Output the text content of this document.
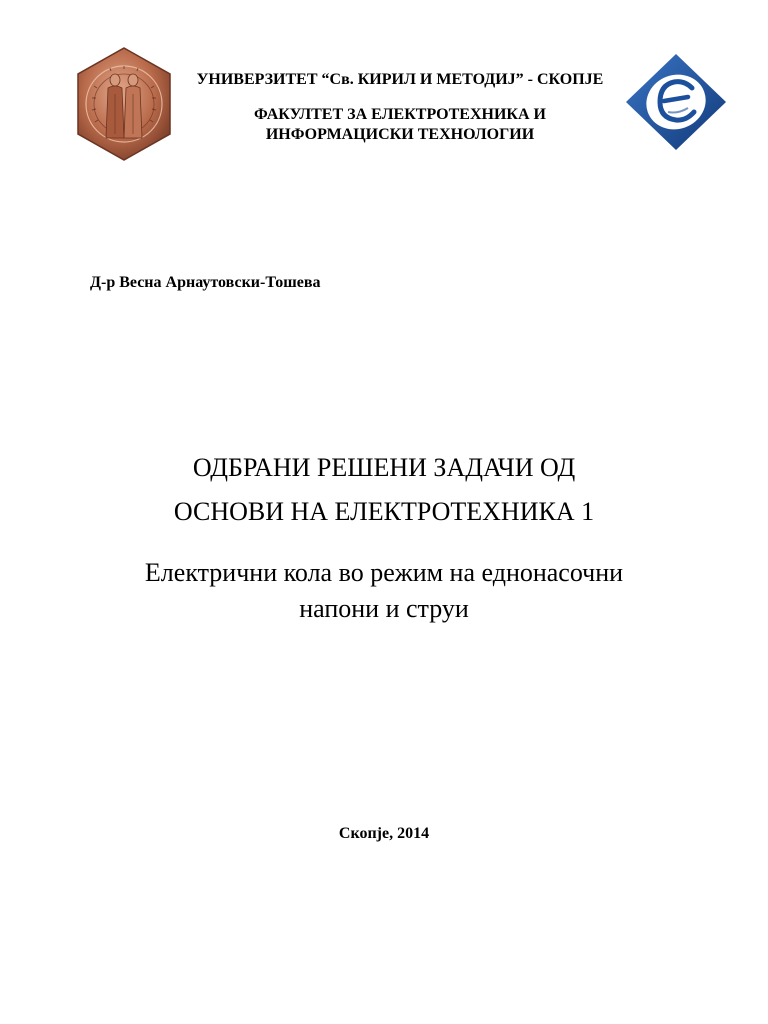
УНИВЕРЗИТЕТ “Св. КИРИЛ И МЕТОДИЈ” - СКОПЈЕ
ФАКУЛТЕТ ЗА ЕЛЕКТРОТЕХНИКА И
ИНФОРМАЦИСКИ ТЕХНОЛОГИИ
Д-р Весна Арнаутовски-Тошева
ОДБРАНИ РЕШЕНИ ЗАДАЧИ ОД
ОСНОВИ НА ЕЛЕКТРОТЕХНИКА 1
Електрични кола во режим на еднонасочни
напони и струи
Скопје, 2014
